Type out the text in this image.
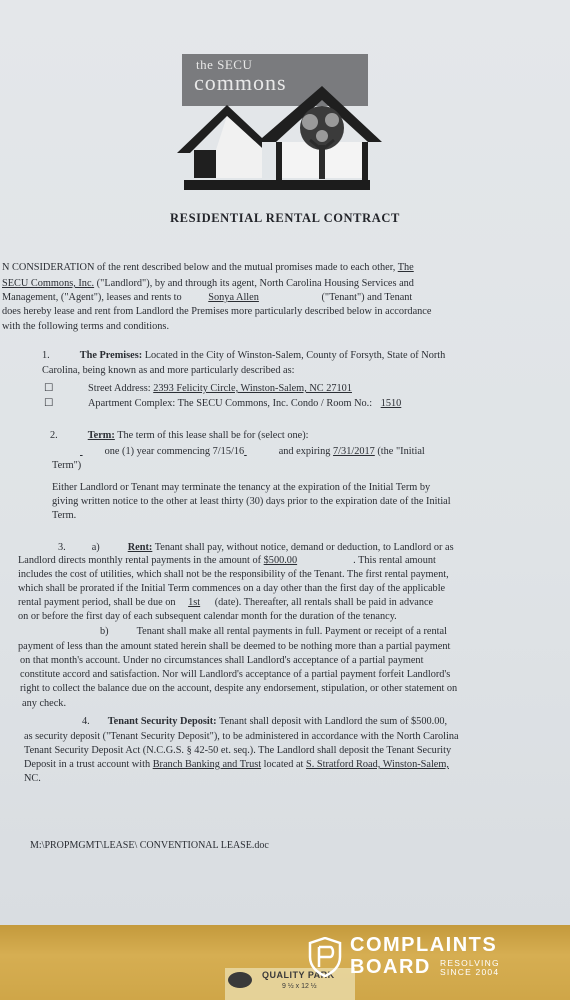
the SECU
commons
RESIDENTIAL RENTAL CONTRACT
N CONSIDERATION of the rent described below and the mutual promises made to each other, The
SECU Commons, Inc. ("Landlord"), by and through its agent, North Carolina Housing Services and
Management, ("Agent"), leases and rents to Sonya Allen	("Tenant") and Tenant
does hereby lease and rent from Landlord the Premises more particularly described below in accordance
with the following terms and conditions.
1.	The Premises: Located in the City of Winston-Salem, County of Forsyth, State of North
Carolina, being known as and more particularly described as:
☐	Street Address: 2393 Felicity Circle, Winston-Salem, NC 27101
☐	Apartment Complex: The SECU Commons, Inc. Condo / Room No.: 1510
2.	Term: The term of this lease shall be for (select one):
one (1) year commencing 7/15/16	and expiring 7/31/2017 (the "Initial
Term")
Either Landlord or Tenant may terminate the tenancy at the expiration of the Initial Term by
giving written notice to the other at least thirty (30) days prior to the expiration date of the Initial
Term.
3.	a)	Rent: Tenant shall pay, without notice, demand or deduction, to Landlord or as
Landlord directs monthly rental payments in the amount of $500.00	. This rental amount
includes the cost of utilities, which shall not be the responsibility of the Tenant. The first rental payment,
which shall be prorated if the Initial Term commences on a day other than the first day of the applicable
rental payment period, shall be due on 1st (date). Thereafter, all rentals shall be paid in advance
on or before the first day of each subsequent calendar month for the duration of the tenancy.
b)	Tenant shall make all rental payments in full. Payment or receipt of a rental
payment of less than the amount stated herein shall be deemed to be nothing more than a partial payment
on that month's account. Under no circumstances shall Landlord's acceptance of a partial payment
constitute accord and satisfaction. Nor will Landlord's acceptance of a partial payment forfeit Landlord's
right to collect the balance due on the account, despite any endorsement, stipulation, or other statement on
any check.
4. Tenant Security Deposit: Tenant shall deposit with Landlord the sum of $500.00,
as security deposit ("Tenant Security Deposit"), to be administered in accordance with the North Carolina
Tenant Security Deposit Act (N.C.G.S. § 42-50 et. seq.). The Landlord shall deposit the Tenant Security
Deposit in a trust account with Branch Banking and Trust located at S. Stratford Road, Winston-Salem,
NC.
M:\PROPMGMT\LEASE\ CONVENTIONAL LEASE.doc
QUALITY PARK
9 ½ x 12 ½
COMPLAINTS
BOARD RESOLVING
SINCE 2004
